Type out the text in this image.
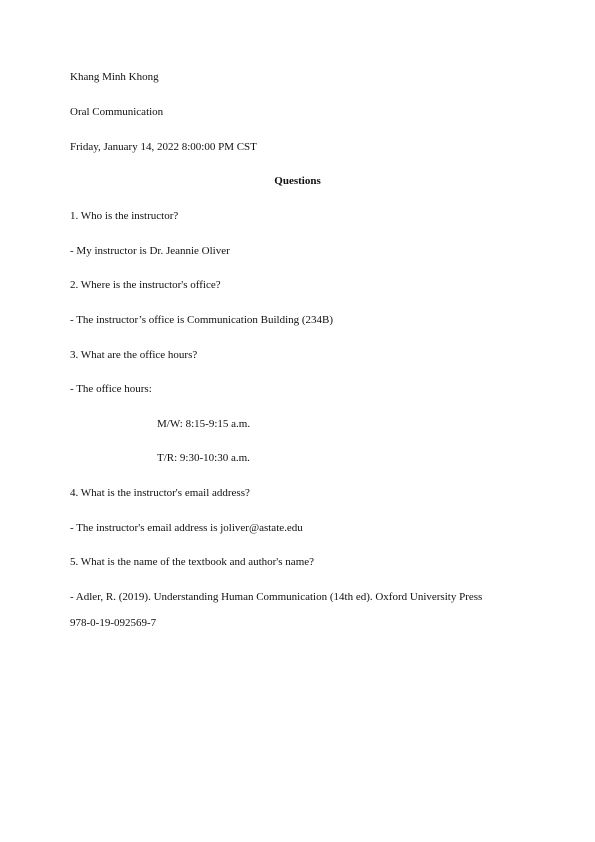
Khang Minh Khong
Oral Communication
Friday, January 14, 2022 8:00:00 PM CST
Questions
1. Who is the instructor?
- My instructor is Dr. Jeannie Oliver
2. Where is the instructor's office?
- The instructor’s office is Communication Building (234B)
3. What are the office hours?
- The office hours:
M/W: 8:15-9:15 a.m.
T/R: 9:30-10:30 a.m.
4. What is the instructor's email address?
- The instructor's email address is joliver@astate.edu
5. What is the name of the textbook and author's name?
- Adler, R. (2019). Understanding Human Communication (14th ed). Oxford University Press
978-0-19-092569-7
